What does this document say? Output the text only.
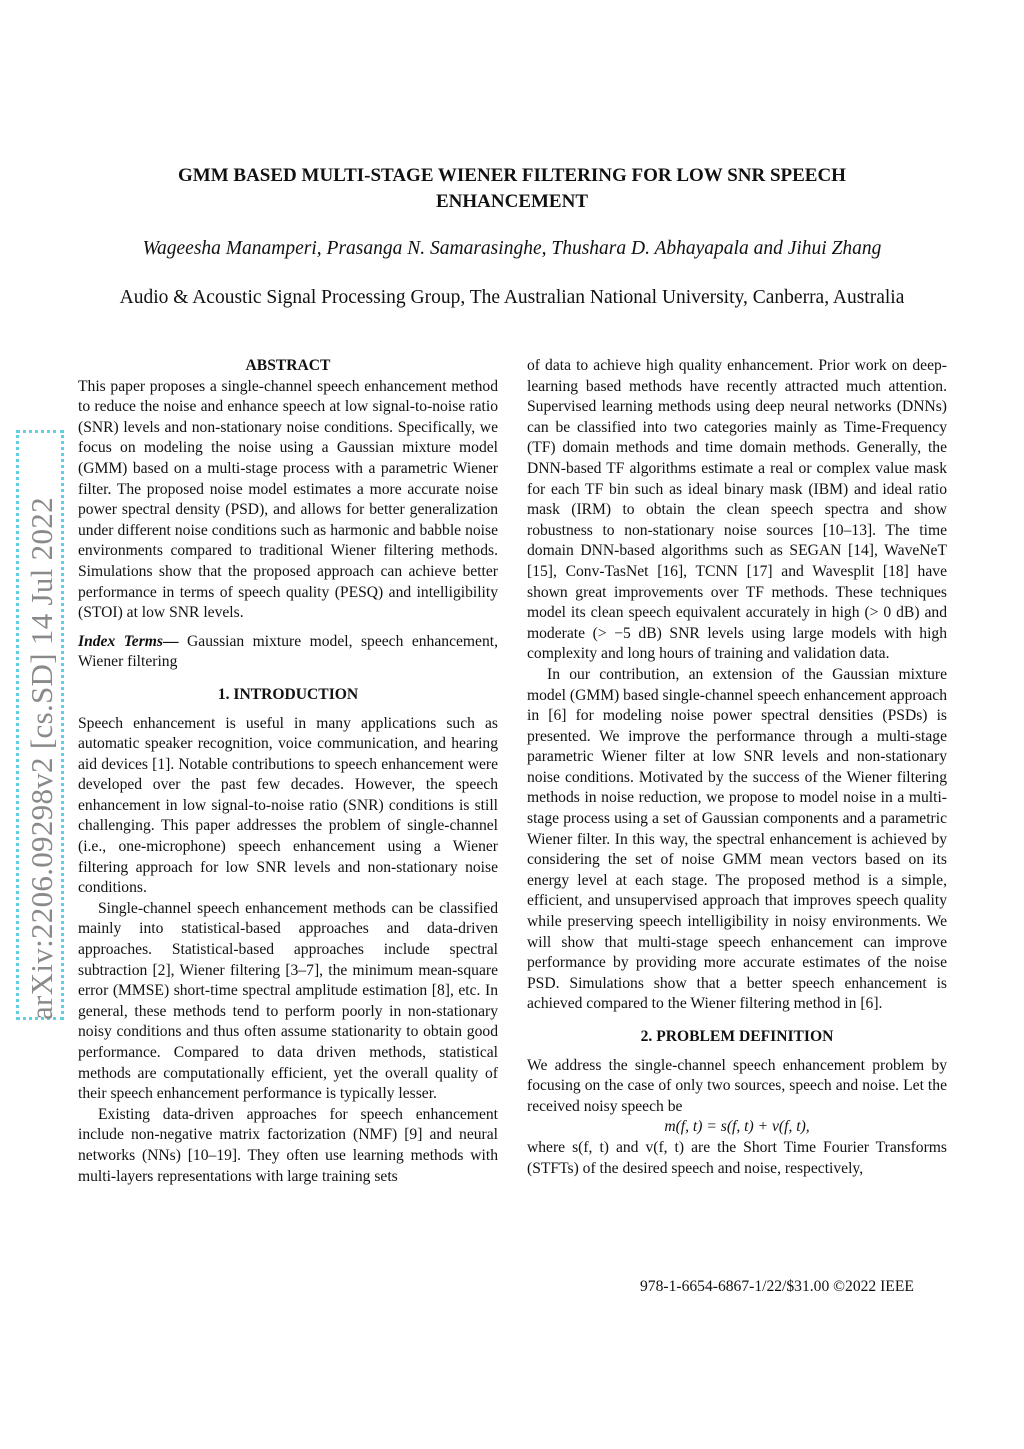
arXiv:2206.09298v2 [cs.SD] 14 Jul 2022
GMM BASED MULTI-STAGE WIENER FILTERING FOR LOW SNR SPEECH ENHANCEMENT
Wageesha Manamperi, Prasanga N. Samarasinghe, Thushara D. Abhayapala and Jihui Zhang
Audio & Acoustic Signal Processing Group, The Australian National University, Canberra, Australia

ABSTRACT

This paper proposes a single-channel speech enhancement method to reduce the noise and enhance speech at low signal-to-noise ratio (SNR) levels and non-stationary noise conditions. Specifically, we focus on modeling the noise using a Gaussian mixture model (GMM) based on a multi-stage process with a parametric Wiener filter. The proposed noise model estimates a more accurate noise power spectral density (PSD), and allows for better generalization under different noise conditions such as harmonic and babble noise environments compared to traditional Wiener filtering methods. Simulations show that the proposed approach can achieve better performance in terms of speech quality (PESQ) and intelligibility (STOI) at low SNR levels.

Index Terms— Gaussian mixture model, speech enhancement, Wiener filtering

1. INTRODUCTION

Speech enhancement is useful in many applications such as automatic speaker recognition, voice communication, and hearing aid devices [1]. Notable contributions to speech enhancement were developed over the past few decades. However, the speech enhancement in low signal-to-noise ratio (SNR) conditions is still challenging. This paper addresses the problem of single-channel (i.e., one-microphone) speech enhancement using a Wiener filtering approach for low SNR levels and non-stationary noise conditions.

Single-channel speech enhancement methods can be classified mainly into statistical-based approaches and data-driven approaches. Statistical-based approaches include spectral subtraction [2], Wiener filtering [3–7], the minimum mean-square error (MMSE) short-time spectral amplitude estimation [8], etc. In general, these methods tend to perform poorly in non-stationary noisy conditions and thus often assume stationarity to obtain good performance. Compared to data driven methods, statistical methods are computationally efficient, yet the overall quality of their speech enhancement performance is typically lesser.

Existing data-driven approaches for speech enhancement include non-negative matrix factorization (NMF) [9] and neural networks (NNs) [10–19]. They often use learning methods with multi-layers representations with large training sets

of data to achieve high quality enhancement. Prior work on deep-learning based methods have recently attracted much attention. Supervised learning methods using deep neural networks (DNNs) can be classified into two categories mainly as Time-Frequency (TF) domain methods and time domain methods. Generally, the DNN-based TF algorithms estimate a real or complex value mask for each TF bin such as ideal binary mask (IBM) and ideal ratio mask (IRM) to obtain the clean speech spectra and show robustness to non-stationary noise sources [10–13]. The time domain DNN-based algorithms such as SEGAN [14], WaveNeT [15], Conv-TasNet [16], TCNN [17] and Wavesplit [18] have shown great improvements over TF methods. These techniques model its clean speech equivalent accurately in high (> 0 dB) and moderate (> −5 dB) SNR levels using large models with high complexity and long hours of training and validation data.

In our contribution, an extension of the Gaussian mixture model (GMM) based single-channel speech enhancement approach in [6] for modeling noise power spectral densities (PSDs) is presented. We improve the performance through a multi-stage parametric Wiener filter at low SNR levels and non-stationary noise conditions. Motivated by the success of the Wiener filtering methods in noise reduction, we propose to model noise in a multi-stage process using a set of Gaussian components and a parametric Wiener filter. In this way, the spectral enhancement is achieved by considering the set of noise GMM mean vectors based on its energy level at each stage. The proposed method is a simple, efficient, and unsupervised approach that improves speech quality while preserving speech intelligibility in noisy environments. We will show that multi-stage speech enhancement can improve performance by providing more accurate estimates of the noise PSD. Simulations show that a better speech enhancement is achieved compared to the Wiener filtering method in [6].

2. PROBLEM DEFINITION

We address the single-channel speech enhancement problem by focusing on the case of only two sources, speech and noise. Let the received noisy speech be

m(f, t) = s(f, t) + v(f, t),

where s(f, t) and v(f, t) are the Short Time Fourier Transforms (STFTs) of the desired speech and noise, respectively,

978-1-6654-6867-1/22/$31.00 ©2022 IEEE
